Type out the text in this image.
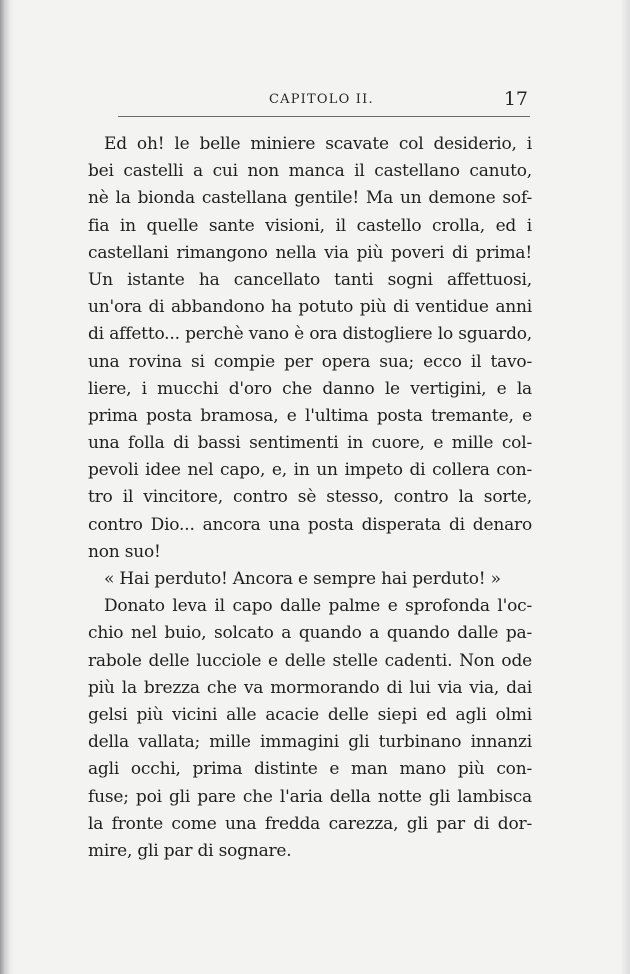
CAPITOLO II.	17
Ed oh! le belle miniere scavate col desiderio, i
bei castelli a cui non manca il castellano canuto,
nè la bionda castellana gentile! Ma un demone sof-
fia in quelle sante visioni, il castello crolla, ed i
castellani rimangono nella via più poveri di prima!
Un istante ha cancellato tanti sogni affettuosi,
un'ora di abbandono ha potuto più di ventidue anni
di affetto... perchè vano è ora distogliere lo sguardo,
una rovina si compie per opera sua; ecco il tavo-
liere, i mucchi d'oro che danno le vertigini, e la
prima posta bramosa, e l'ultima posta tremante, e
una folla di bassi sentimenti in cuore, e mille col-
pevoli idee nel capo, e, in un impeto di collera con-
tro il vincitore, contro sè stesso, contro la sorte,
contro Dio... ancora una posta disperata di denaro
non suo!
« Hai perduto! Ancora e sempre hai perduto! »
Donato leva il capo dalle palme e sprofonda l'oc-
chio nel buio, solcato a quando a quando dalle pa-
rabole delle lucciole e delle stelle cadenti. Non ode
più la brezza che va mormorando di lui via via, dai
gelsi più vicini alle acacie delle siepi ed agli olmi
della vallata; mille immagini gli turbinano innanzi
agli occhi, prima distinte e man mano più con-
fuse; poi gli pare che l'aria della notte gli lambisca
la fronte come una fredda carezza, gli par di dor-
mire, gli par di sognare.
